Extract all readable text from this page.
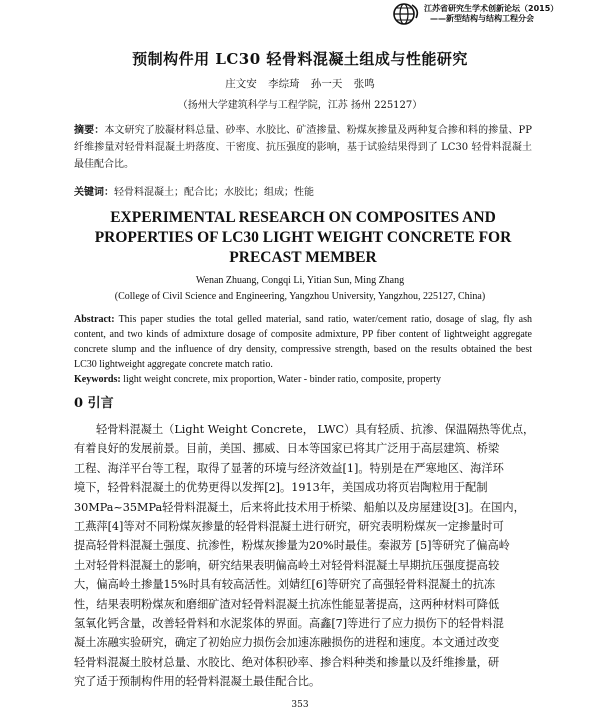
江苏省研究生学术创新论坛（2015）
——新型结构与结构工程分会
预制构件用 LC30 轻骨料混凝土组成与性能研究
庄文安 李综琦 孙一天 张鸣
（扬州大学建筑科学与工程学院，江苏 扬州 225127）
摘要：本文研究了胶凝材料总量、砂率、水胶比、矿渣掺量、粉煤灰掺量及两种复合掺和料的掺量、PP 纤维掺量对轻骨料混凝土坍落度、干密度、抗压强度的影响，基于试验结果得到了 LC30 轻骨料混凝土最佳配合比。
关键词：轻骨料混凝土；配合比；水胶比；组成；性能
EXPERIMENTAL RESEARCH ON COMPOSITES AND PROPERTIES OF LC30 LIGHT WEIGHT CONCRETE FOR PRECAST MEMBER
Wenan Zhuang, Congqi Li, Yitian Sun, Ming Zhang
(College of Civil Science and Engineering, Yangzhou University, Yangzhou, 225127, China)
Abstract: This paper studies the total gelled material, sand ratio, water/cement ratio, dosage of slag, fly ash content, and two kinds of admixture dosage of composite admixture, PP fiber content of lightweight aggregate concrete slump and the influence of dry density, compressive strength, based on the results obtained the best LC30 lightweight aggregate concrete match ratio.
Keywords: light weight concrete, mix proportion, Water - binder ratio, composite, property
0 引言
轻骨料混凝土（Light Weight Concrete， LWC）具有轻质、抗渗、保温隔热等优点，
有着良好的发展前景。目前，美国、挪威、日本等国家已将其广泛用于高层建筑、桥梁
工程、海洋平台等工程，取得了显著的环境与经济效益[1]。特别是在严寒地区、海洋环
境下，轻骨料混凝土的优势更得以发挥[2]。1913年，美国成功将页岩陶粒用于配制
30MPa~35MPa轻骨料混凝土，后来将此技术用于桥梁、船舶以及房屋建设[3]。在国内，
工燕萍[4]等对不同粉煤灰掺量的轻骨料混凝土进行研究，研究表明粉煤灰一定掺量时可
提高轻骨料混凝土强度、抗渗性，粉煤灰掺量为20%时最佳。秦淑芳 [5]等研究了偏高岭
土对轻骨料混凝土的影响，研究结果表明偏高岭土对轻骨料混凝土早期抗压强度提高较
大，偏高岭土掺量15%时具有较高活性。刘婧红[6]等研究了高强轻骨料混凝土的抗冻
性，结果表明粉煤灰和磨细矿渣对轻骨料混凝土抗冻性能显著提高，这两种材料可降低
氢氧化钙含量，改善轻骨料和水泥浆体的界面。高鑫[7]等进行了应力损伤下的轻骨料混
凝土冻融实验研究，确定了初始应力损伤会加速冻融损伤的进程和速度。本文通过改变
轻骨料混凝土胶材总量、水胶比、绝对体积砂率、掺合料种类和掺量以及纤维掺量，研
究了适于预制构件用的轻骨料混凝土最佳配合比。
353
